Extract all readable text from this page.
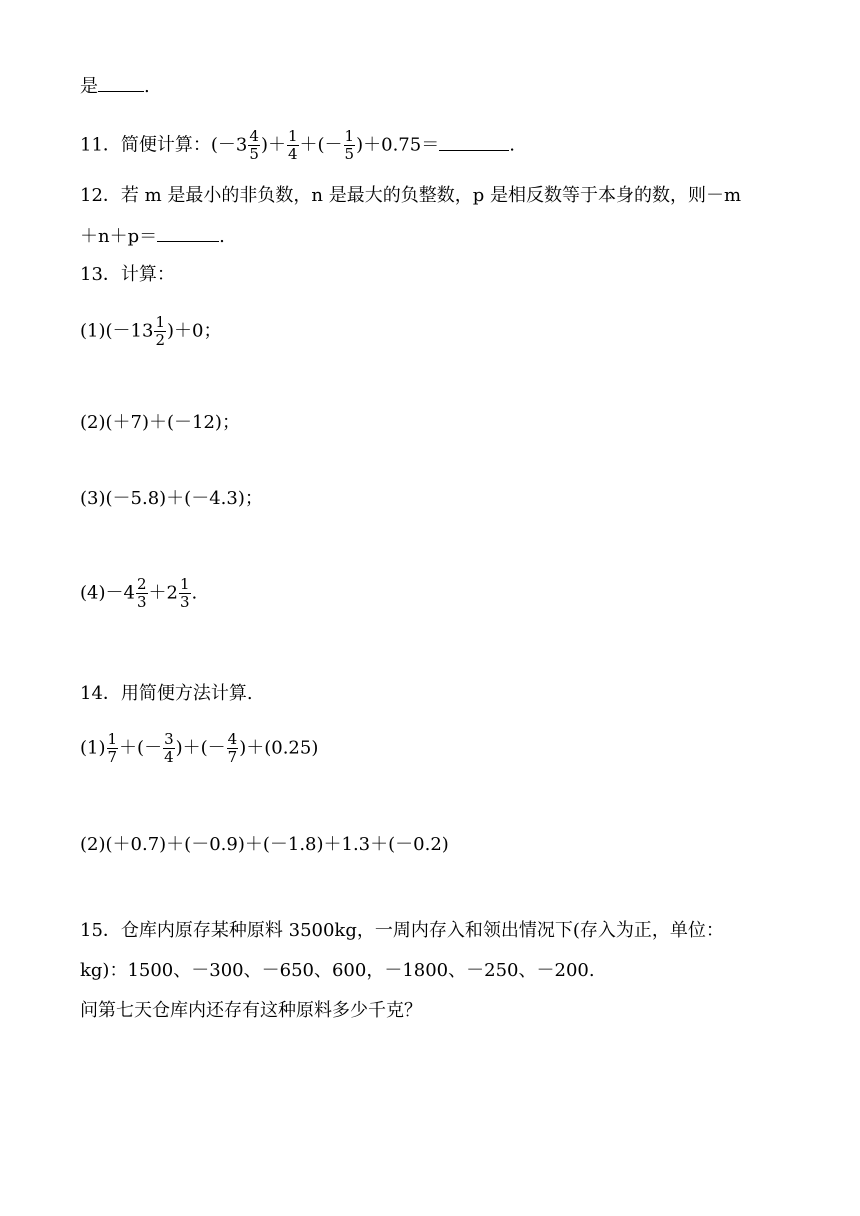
是	.
11．简便计算：($-3 \frac{4}{5}$ )＋ $\frac{1}{4}$ ＋(－ $\frac{1}{5} )+0.75=$	.
12．若 m 是最小的非负数，n 是最大的负整数，p 是相反数等于本身的数，则－m
＋n＋p＝	.
13．计算：
$(1)(-13 \frac{1}{2} )+0$；
(2)(＋7)＋(－12)；
(3)(－5.8)＋(－4.3)；
$(4)-4 \frac{2}{3} +2 \frac{1}{3}$ .
14．用简便方法计算.
$(1) \frac{1}{7}$ ＋(－ $\frac{3}{4}$ )＋(－ $\frac{4}{7} )+(0.25)$
(2)(＋0.7)＋(－0.9)＋(－1.8)＋1.3＋(－0.2)
15．仓库内原存某种原料 3500kg，一周内存入和领出情况下(存入为正，单位：
kg)：1500、－300、－650、600，－1800、－250、－200.
问第七天仓库内还存有这种原料多少千克？
